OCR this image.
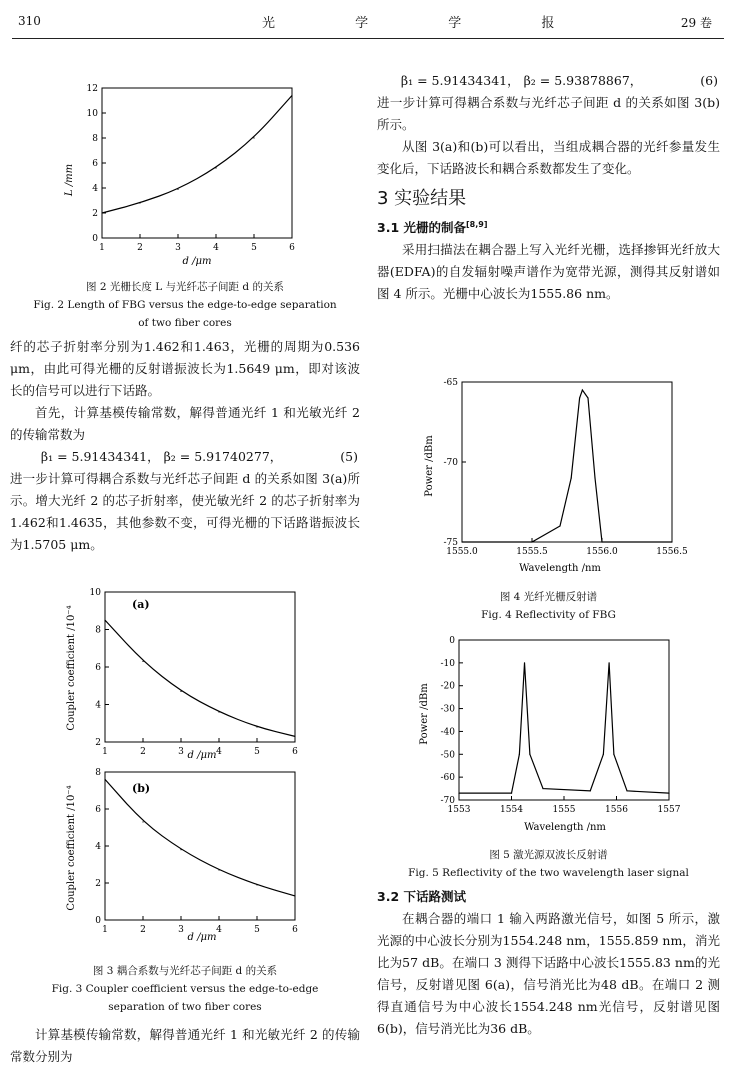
310	光 学 学 报	29 卷
1	2	3	4	5	6
0
2
4
6
8
10
12
L /mm
d /μm
图 2 光栅长度 L 与光纤芯子间距 d 的关系
Fig. 2 Length of FBG versus the edge-to-edge separation
of two fiber cores

纤的芯子折射率分别为1.462和1.463，光栅的周期为0.536 μm，由此可得光栅的反射谱振波长为1.5649 μm，即对该波长的信号可以进行下话路。

首先，计算基模传输常数，解得普通光纤 1 和光敏光纤 2 的传输常数为

β₁ = 5.91434341， β₂ = 5.91740277，	(5)

进一步计算可得耦合系数与光纤芯子间距 d 的关系如图 3(a)所示。增大光纤 2 的芯子折射率，使光敏光纤 2 的芯子折射率为1.462和1.4635，其他参数不变，可得光栅的下话路谐振波长为1.5705 μm。

1	2	3	4	5	6
2
4
6
8
10
1	2	3	4	5	6
0
2
4
6
8
(a)
(b)
Coupler coefficient /10⁻⁴
Coupler coefficient /10⁻⁴
d /μm
d /μm
图 3 耦合系数与光纤芯子间距 d 的关系
Fig. 3 Coupler coefficient versus the edge-to-edge
separation of two fiber cores

计算基模传输常数，解得普通光纤 1 和光敏光纤 2 的传输常数分别为

β₁ = 5.91434341， β₂ = 5.93878867，	(6)

进一步计算可得耦合系数与光纤芯子间距 d 的关系如图 3(b)所示。

从图 3(a)和(b)可以看出，当组成耦合器的光纤参量发生变化后，下话路波长和耦合系数都发生了变化。

3 实验结果

3.1 光栅的制备[8,9]

采用扫描法在耦合器上写入光纤光栅，选择掺铒光纤放大器(EDFA)的自发辐射噪声谱作为宽带光源，测得其反射谱如图 4 所示。光栅中心波长为1555.86 nm。

1555.0	1555.5	1556.0	1556.5
-65
-70
-75
Power /dBm
Wavelength /nm
图 4 光纤光栅反射谱
Fig. 4 Reflectivity of FBG
1553	1554	1555	1556	1557
0
-10
-20
-30
-40
-50
-60
-70
Power /dBm
Wavelength /nm
图 5 激光源双波长反射谱
Fig. 5 Reflectivity of the two wavelength laser signal

3.2 下话路测试

在耦合器的端口 1 输入两路激光信号，如图 5 所示，激光源的中心波长分别为1554.248 nm，1555.859 nm，消光比为57 dB。在端口 3 测得下话路中心波长1555.83 nm的光信号，反射谱见图 6(a)，信号消光比为48 dB。在端口 2 测得直通信号为中心波长1554.248 nm光信号，反射谱见图 6(b)，信号消光比为36 dB。
